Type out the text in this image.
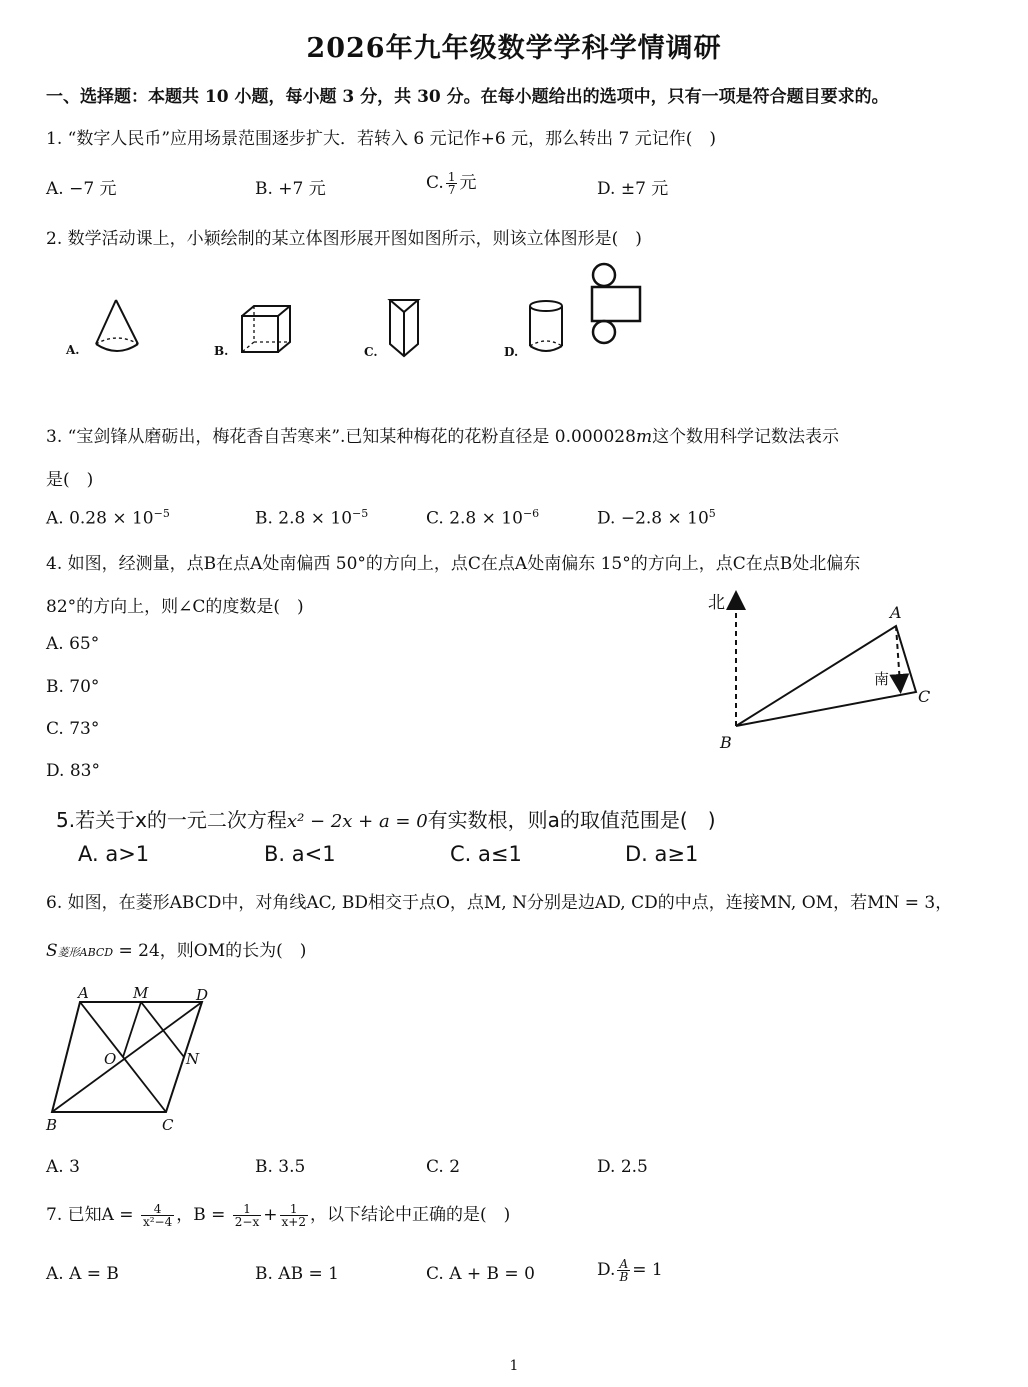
2026年九年级数学学科学情调研
一、选择题：本题共 10 小题，每小题 3 分，共 30 分。在每小题给出的选项中，只有一项是符合题目要求的。
1. “数字人民币”应用场景范围逐步扩大．若转入 6 元记作+6 元，那么转出 7 元记作(　)
A. −7 元	B. +7 元	C. $\frac{1}{7}$ 元	D. ±7 元
2. 数学活动课上，小颖绘制的某立体图形展开图如图所示，则该立体图形是(　)
A.	B.	C.	D.
3. “宝剑锋从磨砺出，梅花香自苦寒来”.已知某种梅花的花粉直径是 0.000028m这个数用科学记数法表示
是(　)
A. $0.28 \times 10^{-5}$	B. $2.8 \times 10^{-5}$	C. $2.8 \times 10^{-6}$	D. $-2.8 \times 10^5$
4. 如图，经测量，点B在点A处南偏西 50°的方向上，点C在点A处南偏东 15°的方向上，点C在点B处北偏东
82°的方向上，则∠C的度数是(　)
A. 65°
B. 70°
C. 73°
D. 83°
北
南
A
B
C
5.若关于x的一元二次方程x² − 2x + a = 0有实数根，则a的取值范围是(　)
A. a>1	B. a<1	C. a≤1	D. a≥1
6. 如图，在菱形ABCD中，对角线AC, BD相交于点O，点M, N分别是边AD, CD的中点，连接MN, OM，若MN = 3，
S菱形ABCD = 24，则OM的长为(　)
A	M	D
O	N
B	C
A. 3	B. 3.5	C. 2	D. 2.5
7. 已知$A = \frac{4}{\text{x²−4}}$ ，$B = \frac{1}{2-x} + \frac{1}{x+2}$ ，以下结论中正确的是(　)
A. A = B	B. AB = 1	C. A + B = 0	D. $\frac{A}{B} = 1$
1
